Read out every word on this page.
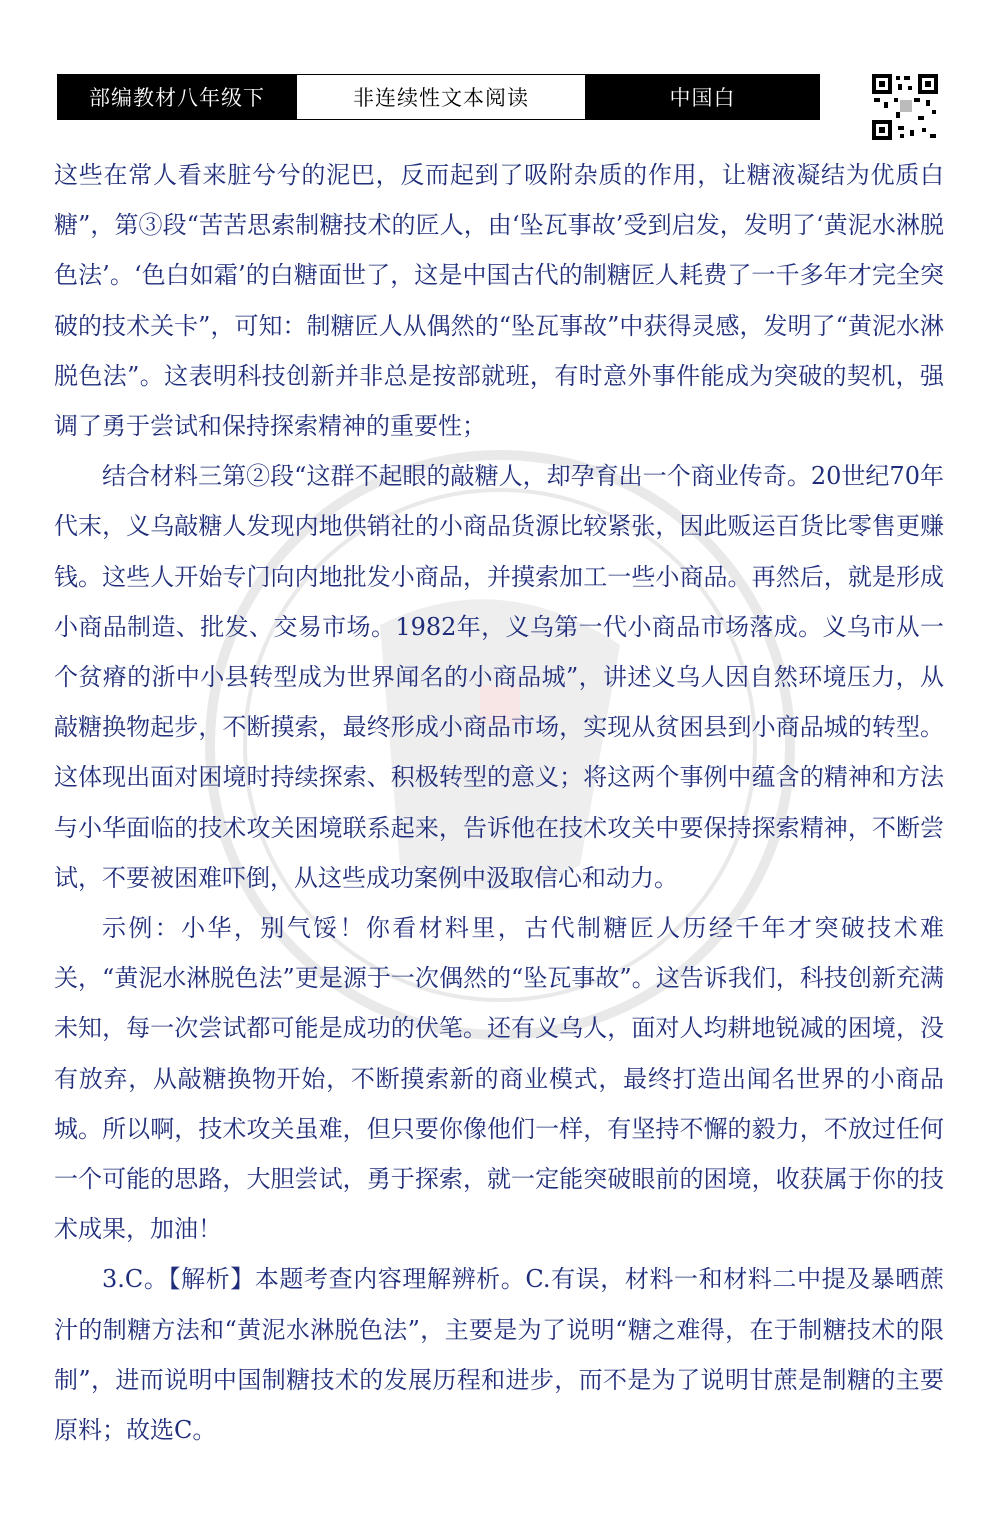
部编教材八年级下	非连续性文本阅读	中国白

这些在常人看来脏兮兮的泥巴，反而起到了吸附杂质的作用，让糖液凝结为优质白糖”，第③段“苦苦思索制糖技术的匠人，由‘坠瓦事故’受到启发，发明了‘黄泥水淋脱色法’。‘色白如霜’的白糖面世了，这是中国古代的制糖匠人耗费了一千多年才完全突破的技术关卡”，可知：制糖匠人从偶然的“坠瓦事故”中获得灵感，发明了“黄泥水淋脱色法”。这表明科技创新并非总是按部就班，有时意外事件能成为突破的契机，强调了勇于尝试和保持探索精神的重要性；

结合材料三第②段“这群不起眼的敲糖人，却孕育出一个商业传奇。20世纪70年代末，义乌敲糖人发现内地供销社的小商品货源比较紧张，因此贩运百货比零售更赚钱。这些人开始专门向内地批发小商品，并摸索加工一些小商品。再然后，就是形成小商品制造、批发、交易市场。1982年，义乌第一代小商品市场落成。义乌市从一个贫瘠的浙中小县转型成为世界闻名的小商品城”，讲述义乌人因自然环境压力，从敲糖换物起步，不断摸索，最终形成小商品市场，实现从贫困县到小商品城的转型。这体现出面对困境时持续探索、积极转型的意义；将这两个事例中蕴含的精神和方法与小华面临的技术攻关困境联系起来，告诉他在技术攻关中要保持探索精神，不断尝试，不要被困难吓倒，从这些成功案例中汲取信心和动力。

示例：小华，别气馁！你看材料里，古代制糖匠人历经千年才突破技术难关，“黄泥水淋脱色法”更是源于一次偶然的“坠瓦事故”。这告诉我们，科技创新充满未知，每一次尝试都可能是成功的伏笔。还有义乌人，面对人均耕地锐减的困境，没有放弃，从敲糖换物开始，不断摸索新的商业模式，最终打造出闻名世界的小商品城。所以啊，技术攻关虽难，但只要你像他们一样，有坚持不懈的毅力，不放过任何一个可能的思路，大胆尝试，勇于探索，就一定能突破眼前的困境，收获属于你的技术成果，加油！

3.C。【解析】本题考查内容理解辨析。C.有误，材料一和材料二中提及暴晒蔗汁的制糖方法和“黄泥水淋脱色法”，主要是为了说明“糖之难得，在于制糖技术的限制”，进而说明中国制糖技术的发展历程和进步，而不是为了说明甘蔗是制糖的主要原料；故选C。
